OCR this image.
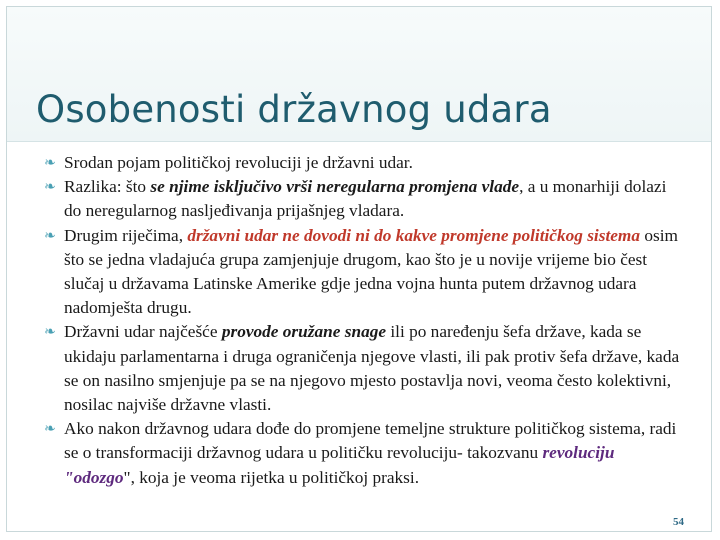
Osobenosti državnog udara
❧ Srodan pojam političkoj revoluciji je državni udar.
❧ Razlika: što se njime isključivo vrši neregularna promjena vlade, a u monarhiji dolazi do neregularnog nasljeđivanja prijašnjeg vladara.
❧ Drugim riječima, državni udar ne dovodi ni do kakve promjene političkog sistema osim što se jedna vladajuća grupa zamjenjuje drugom, kao što je u novije vrijeme bio čest slučaj u državama Latinske Amerike gdje jedna vojna hunta putem državnog udara nadomješta drugu.
❧ Državni udar najčešće provode oružane snage ili po naređenju šefa države, kada se ukidaju parlamentarna i druga ograničenja njegove vlasti, ili pak protiv šefa države, kada se on nasilno smjenjuje pa se na njegovo mjesto postavlja novi, veoma često kolektivni, nosilac najviše državne vlasti.
❧ Ako nakon državnog udara dođe do promjene temeljne strukture političkog sistema, radi se o transformaciji državnog udara u političku revoluciju- takozvanu revoluciju "odozgo", koja je veoma rijetka u političkoj praksi.
54
